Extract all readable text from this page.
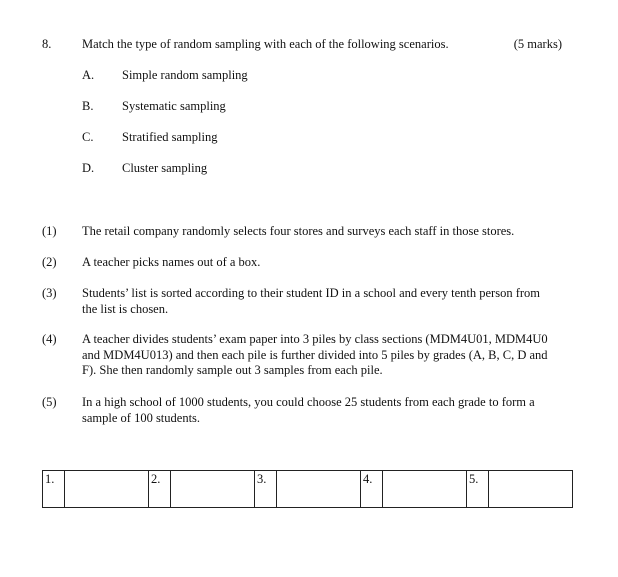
8. Match the type of random sampling with each of the following scenarios.	(5 marks)
A. Simple random sampling
B. Systematic sampling
C. Stratified sampling
D. Cluster sampling
(1) The retail company randomly selects four stores and surveys each staff in those stores.
(2) A teacher picks names out of a box.
(3) Students’ list is sorted according to their student ID in a school and every tenth person from the list is chosen.
(4) A teacher divides students’ exam paper into 3 piles by class sections (MDM4U01, MDM4U0 and MDM4U013) and then each pile is further divided into 5 piles by grades (A, B, C, D and F). She then randomly sample out 3 samples from each pile.
(5) In a high school of 1000 students, you could choose 25 students from each grade to form a sample of 100 students.
1.		2.		3.		4.		5.	
